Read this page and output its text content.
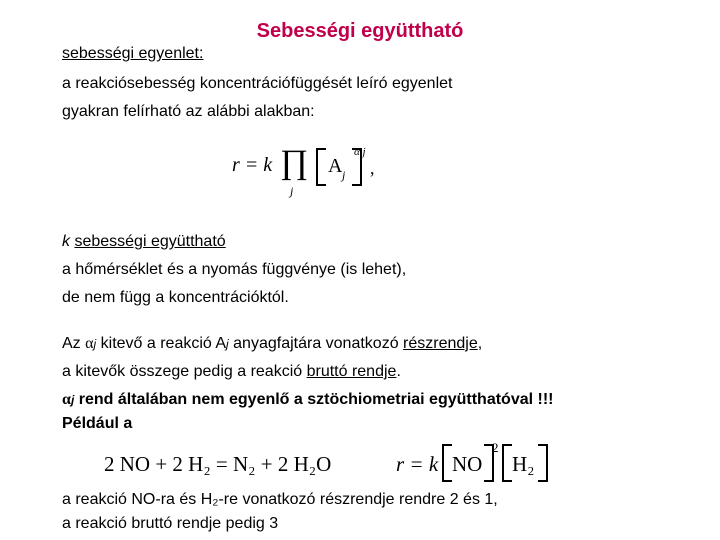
Sebességi együttható
sebességi egyenlet:
a reakciósebesség koncentrációfüggését leíró egyenlet
gyakran felírható az alábbi alakban:
r = k ∏
j
A j
α j
,
k sebességi együttható
a hőmérséklet és a nyomás függvénye (is lehet),
de nem függ a koncentrációktól.
Az αj kitevő a reakció Aj anyagfajtára vonatkozó részrendje,
a kitevők összege pedig a reakció bruttó rendje.
αj rend általában nem egyenlő a sztöchiometriai együtthatóval !!!
Például a
2 NO + 2 H₂ = N₂ + 2 H₂O	r = k NO
2
H₂
a reakció NO‑ra és H₂‑re vonatkozó részrendje rendre 2 és 1,
a reakció bruttó rendje pedig 3
